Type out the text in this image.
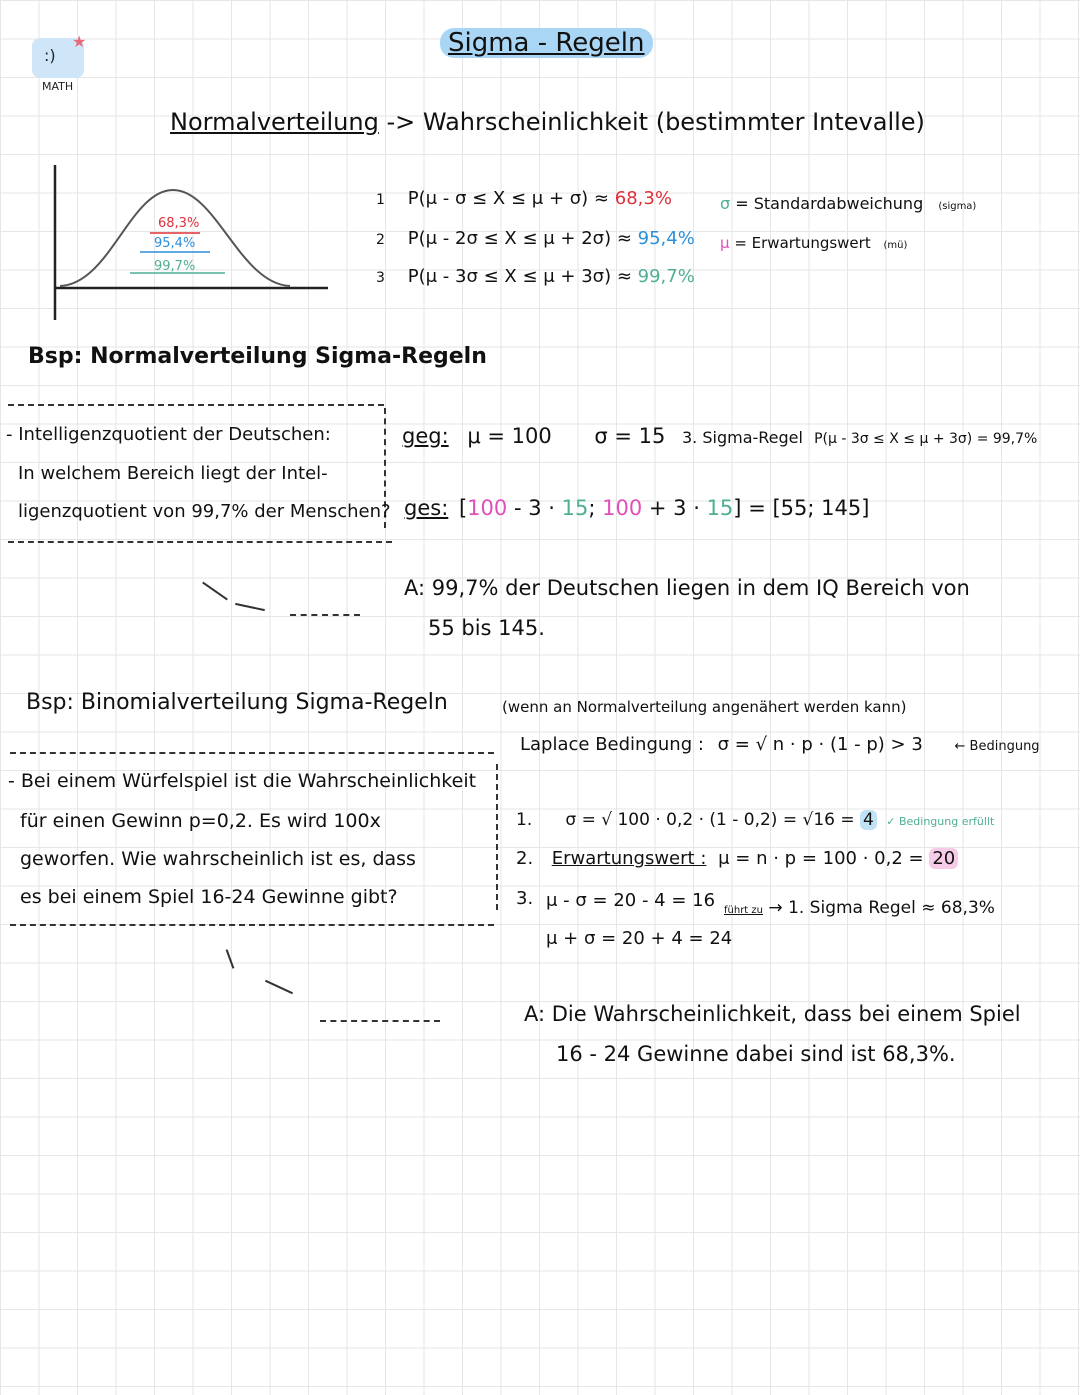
:)
★
MATH
Sigma - Regeln
Normalverteilung -> Wahrscheinlichkeit (bestimmter Intevalle)
68,3%
95,4%
99,7%
1 P(μ - σ ≤ X ≤ μ + σ) ≈ 68,3%
2 P(μ - 2σ ≤ X ≤ μ + 2σ) ≈ 95,4%
3 P(μ - 3σ ≤ X ≤ μ + 3σ) ≈ 99,7%
σ = Standardabweichung (sigma)
μ = Erwartungswert (mü)
Bsp: Normalverteilung Sigma-Regeln
- Intelligenzquotient der Deutschen:
In welchem Bereich liegt der Intel-
ligenzquotient von 99,7% der Menschen?
geg: μ = 100 σ = 15 3. Sigma-Regel P(μ - 3σ ≤ X ≤ μ + 3σ) = 99,7%
ges: [100 - 3 · 15; 100 + 3 · 15] = [55; 145]
A: 99,7% der Deutschen liegen in dem IQ Bereich von
55 bis 145.
Bsp: Binomialverteilung Sigma-Regeln	(wenn an Normalverteilung angenähert werden kann)
Laplace Bedingung : σ = √ n · p · (1 - p) > 3 ← Bedingung
- Bei einem Würfelspiel ist die Wahrscheinlichkeit
für einen Gewinn p=0,2. Es wird 100x
geworfen. Wie wahrscheinlich ist es, dass
es bei einem Spiel 16-24 Gewinne gibt?
1. σ = √ 100 · 0,2 · (1 - 0,2) = √16 = 4 ✓ Bedingung erfüllt
2. Erwartungswert : μ = n · p = 100 · 0,2 = 20
3. μ - σ = 20 - 4 = 16
μ + σ = 20 + 4 = 24
führt zu → 1. Sigma Regel ≈ 68,3%
A: Die Wahrscheinlichkeit, dass bei einem Spiel
16 - 24 Gewinne dabei sind ist 68,3%.
